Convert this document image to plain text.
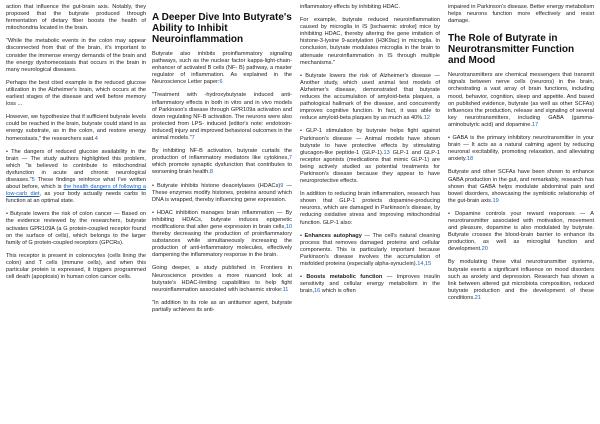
action that influence the gut-brain axis. Notably, they proposed that the butyrate produced through fermentation of dietary fiber boosts the health of mitochondria located in the brain.

"While the metabolic events in the colon may appear disconnected from that of the brain, it's important to consider the immense energy demands of the brain and the energy dyshomeostasis that occurs in the brain in many neurological diseases.

Perhaps the best cited example is the reduced glucose utilization in the Alzheimer's brain, which occurs at the earliest stages of the disease and well before memory loss ...

However, we hypothesize that if sufficient butyrate levels could be reached in the brain, butyrate could stand in as energy substrate, as in the colon, and restore energy homeostasis," the researchers said.4

• The dangers of reduced glucose availability in the brain — The study authors highlighted this problem, which "is believed to contribute to mitochondrial dysfunction in acute and chronic neurological diseases."5 These findings reinforce what I've written about before, which is the health dangers of following a low-carb diet, as your body actually needs carbs to function at an optimal state.

• Butyrate lowers the risk of colon cancer — Based on the evidence reviewed by the researchers, butyrate activates GPR109A (a G protein-coupled receptor found on the surface of cells), which belongs to the larger family of G protein-coupled receptors (GPCRs).

This receptor is present in colonocytes (cells lining the colon) and T cells (immune cells), and when this particular protein is expressed, it triggers programmed cell death (apoptosis) in human colon cancer cells.

A Deeper Dive Into Butyrate's Ability to Inhibit Neuroinflammation

Butyrate also inhibits proinflammatory signaling pathways, such as the nuclear factor kappa-light-chain-enhancer of activated B cells (NF- B) pathway, a master regulator of inflammation. As explained in the Neuroscience Letter paper:6

"Treatment with -hydroxybutyrate induced anti-inflammatory effects in both in vitro and in vivo models of Parkinson's disease through GPR109a activation and down regulating NF-B activation. The neurons were also protected from LPS- induced [editor's note: endotoxin-induced] injury and improved behavioral outcomes in the animal models."7

By inhibiting NF-B activation, butyrate curtails the production of inflammatory mediators like cytokines,7 which promote synaptic dysfunction that contributes to worsening brain health.8

• Butyrate inhibits histone deacetylases (HDACs)9 — These enzymes modify histones, proteins around which DNA is wrapped, thereby influencing gene expression.

• HDAC inhibition manages brain inflammation — By inhibiting HDACs, butyrate induces epigenetic modifications that alter gene expression in brain cells,10 thereby decreasing the production of proinflammatory substances while simultaneously increasing the production of anti-inflammatory molecules, effectively dampening the inflammatory response in the brain.

Going deeper, a study published in Frontiers in Neuroscience provides a more nuanced look at butyrate's HDAC-limiting capabilities to help fight neuroinflammation associated with ischaemic stroke:11

"In addition to its role as an antitumor agent, butyrate partially achieves its anti-

inflammatory effects by inhibiting HDAC.

For example, butyrate reduced neuroinflammation caused by microglia in IS [ischaemic stroke] mice by inhibiting HDAC, thereby altering the gene imitation of histone-3-lysine 9-acetylation (H3K9ac) in microglia. In conclusion, butyrate modulates microglia in the brain to attenuate neuroinflammation in IS through multiple mechanisms."

• Butyrate lowers the risk of Alzheimer's disease — Another study, which used animal test models of Alzheimer's disease, demonstrated that butyrate reduces the accumulation of amyloid-beta plaques, a pathological hallmark of the disease, and concurrently improves cognitive function. In fact, it was able to reduce amyloid-beta plaques by as much as 40%.12

• GLP-1 stimulation by butyrate helps fight against Parkinson's disease — Animal models have shown butyrate to have protective effects by stimulating glucagon-like peptide-1 (GLP-1).13 GLP-1 and GLP-1 receptor agonists (medications that mimic GLP-1) are being actively studied as potential treatments for Parkinson's disease because they appear to have neuroprotective effects.

In addition to reducing brain inflammation, research has shown that GLP-1 protects dopamine-producing neurons, which are damaged in Parkinson's disease, by reducing oxidative stress and improving mitochondrial function. GLP-1 also:

• Enhances autophagy — The cell's natural cleaning process that removes damaged proteins and cellular components. This is particularly important because Parkinson's disease involves the accumulation of misfolded proteins (especially alpha-synuclein).14,15

• Boosts metabolic function — Improves insulin sensitivity and cellular energy metabolism in the brain,16 which is often

impaired in Parkinson's disease. Better energy metabolism helps neurons function more effectively and resist damage.

The Role of Butyrate in Neurotransmitter Function and Mood

Neurotransmitters are chemical messengers that transmit signals between nerve cells (neurons) in the brain, orchestrating a vast array of brain functions, including mood, behavior, cognition, sleep and appetite. And based on published evidence, butyrate (as well as other SCFAs) influences the production, release and signaling of several key neurotransmitters, including GABA (gamma-aminobutyric acid) and dopamine.17

• GABA is the primary inhibitory neurotransmitter in your brain — It acts as a natural calming agent by reducing neuronal excitability, promoting relaxation, and alleviating anxiety.18

Butyrate and other SCFAs have been shown to enhance GABA production in the gut, and remarkably, research has shown that GABA helps modulate abdominal pain and bowel disorders, showcasing the symbiotic relationship of the gut-brain axis.19

• Dopamine controls your reward responses — A neurotransmitter associated with motivation, movement and pleasure, dopamine is also modulated by butyrate. Butyrate crosses the blood-brain barrier to enhance its production, as well as microglial function and development.20

By modulating these vital neurotransmitter systems, butyrate exerts a significant influence on mood disorders such as anxiety and depression. Research has shown a link between altered gut microbiota composition, reduced butyrate production and the development of these conditions.21
